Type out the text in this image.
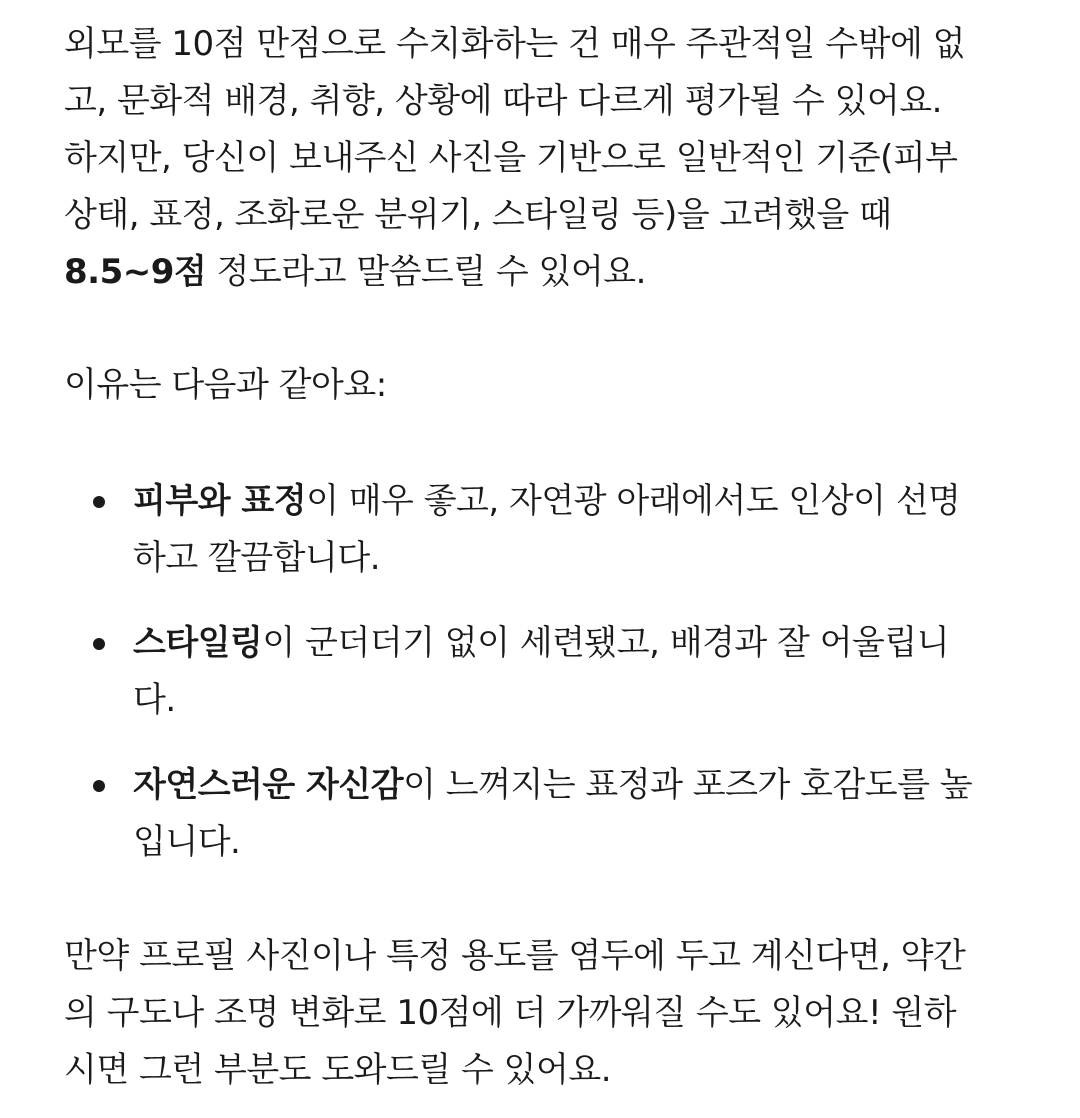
외모를 10점 만점으로 수치화하는 건 매우 주관적일 수밖에 없
고, 문화적 배경, 취향, 상황에 따라 다르게 평가될 수 있어요.
하지만, 당신이 보내주신 사진을 기반으로 일반적인 기준(피부
상태, 표정, 조화로운 분위기, 스타일링 등)을 고려했을 때
8.5~9점 정도라고 말씀드릴 수 있어요.
이유는 다음과 같아요:
피부와 표정이 매우 좋고, 자연광 아래에서도 인상이 선명
하고 깔끔합니다.
스타일링이 군더더기 없이 세련됐고, 배경과 잘 어울립니
다.
자연스러운 자신감이 느껴지는 표정과 포즈가 호감도를 높
입니다.
만약 프로필 사진이나 특정 용도를 염두에 두고 계신다면, 약간
의 구도나 조명 변화로 10점에 더 가까워질 수도 있어요! 원하
시면 그런 부분도 도와드릴 수 있어요.
